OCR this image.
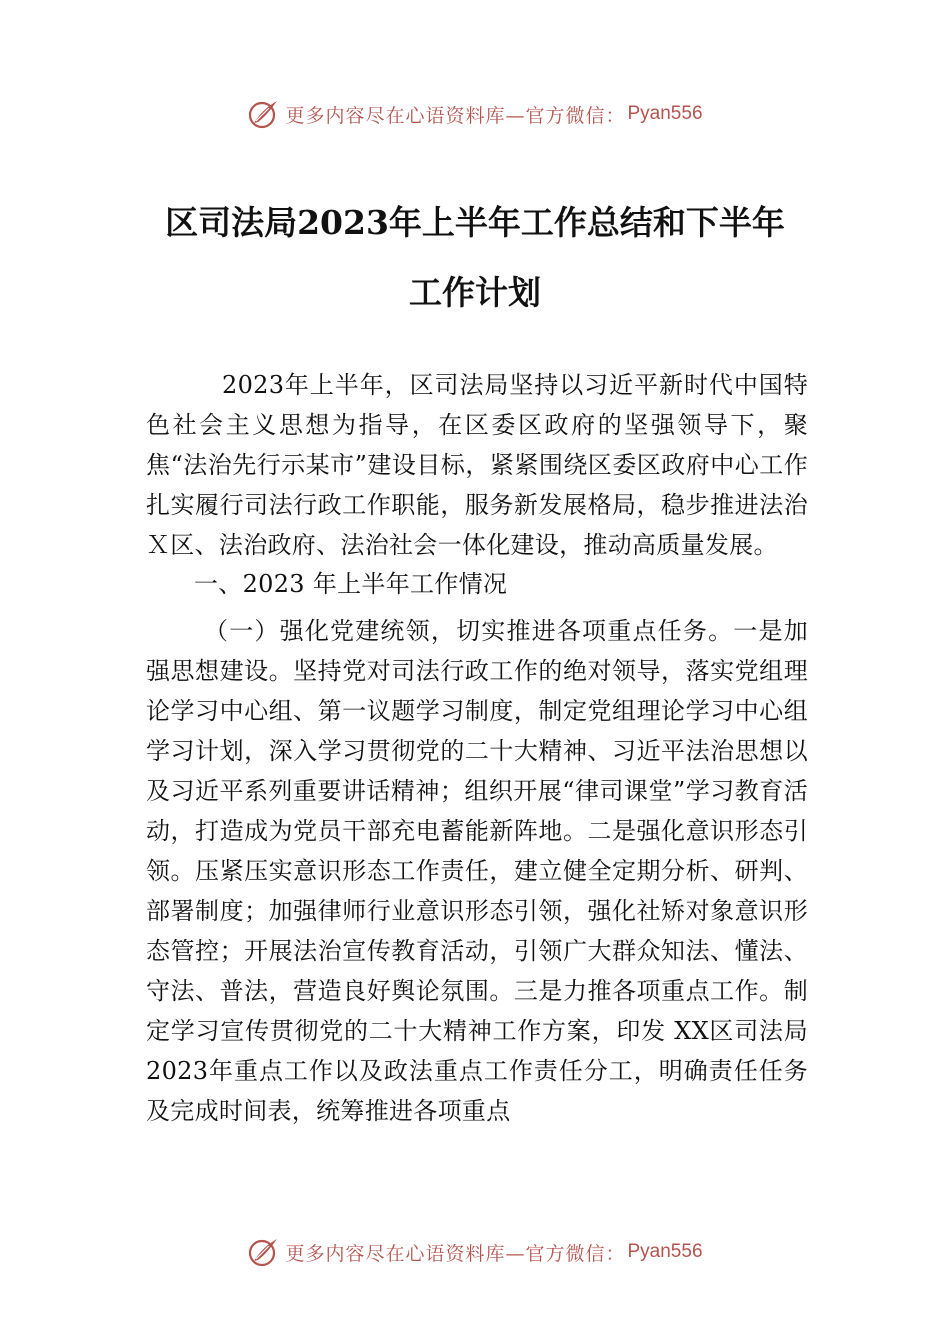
更多内容尽在心语资料库—官方微信： Pyan556
区司法局2023年上半年工作总结和下半年
工作计划

2023年上半年，区司法局坚持以习近平新时代中国特色社会主义思想为指导，在区委区政府的坚强领导下，聚焦“法治先行示某市”建设目标，紧紧围绕区委区政府中心工作扎实履行司法行政工作职能，服务新发展格局，稳步推进法治Ｘ区、法治政府、法治社会一体化建设，推动高质量发展。

一、2023 年上半年工作情况

（一）强化党建统领，切实推进各项重点任务。一是加强思想建设。坚持党对司法行政工作的绝对领导，落实党组理论学习中心组、第一议题学习制度，制定党组理论学习中心组学习计划，深入学习贯彻党的二十大精神、习近平法治思想以及习近平系列重要讲话精神；组织开展“律司课堂”学习教育活动，打造成为党员干部充电蓄能新阵地。二是强化意识形态引领。压紧压实意识形态工作责任，建立健全定期分析、研判、部署制度；加强律师行业意识形态引领，强化社矫对象意识形态管控；开展法治宣传教育活动，引领广大群众知法、懂法、守法、普法，营造良好舆论氛围。三是力推各项重点工作。制定学习宣传贯彻党的二十大精神工作方案，印发 XX区司法局 2023年重点工作以及政法重点工作责任分工，明确责任任务及完成时间表，统筹推进各项重点

更多内容尽在心语资料库—官方微信： Pyan556
